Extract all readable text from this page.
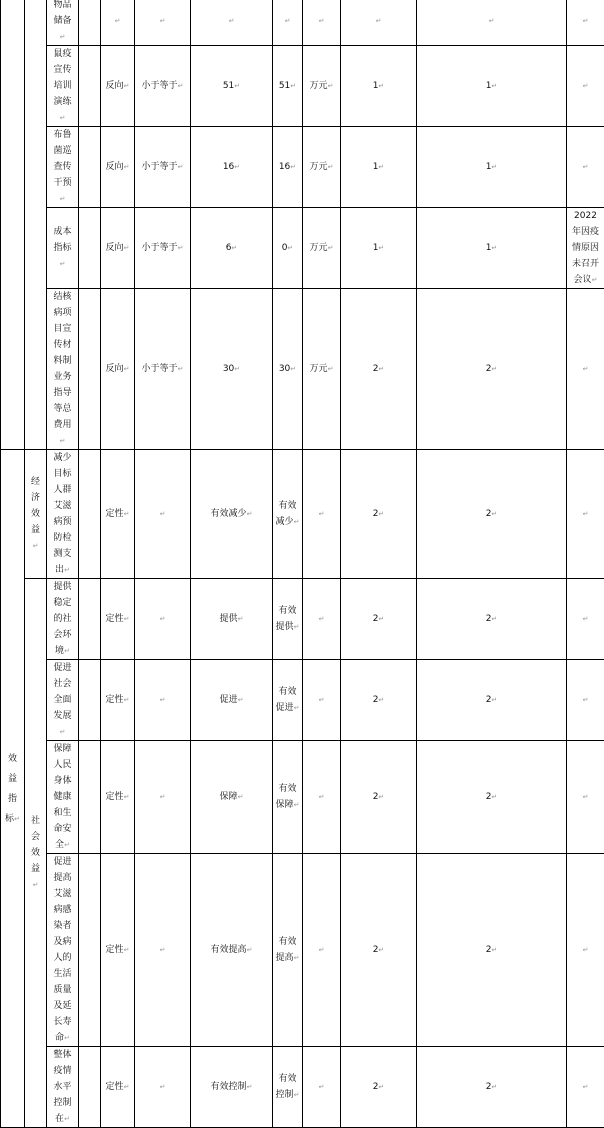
		物品储备↵		↵	↵	↵	↵	↵	↵	↵	↵
		鼠疫宣传培训演练↵		反向↵	小于等于↵	51↵	51↵	万元↵	1↵	1↵	↵
		布鲁菌巡查传干预↵		反向↵	小于等于↵	16↵	16↵	万元↵	1↵	1↵	↵
		成本指标↵		反向↵	小于等于↵	6↵	0↵	万元↵	1↵	1↵	2022 年因疫情原因未召开会议↵
		结核病项目宣传材料制业务指导等总费用↵		反向↵	小于等于↵	30↵	30↵	万元↵	2↵	2↵	↵
效益指标↵	经济效益↵	减少目标人群艾滋病预防检测支出↵		定性↵	↵	有效减少↵	有效减少↵	↵	2↵	2↵	↵
	社会效益↵	提供稳定的社会环境↵		定性↵	↵	提供↵	有效提供↵	↵	2↵	2↵	↵
		促进社会全面发展↵		定性↵	↵	促进↵	有效促进↵	↵	2↵	2↵	↵
		保障人民身体健康和生命安全↵		定性↵	↵	保障↵	有效保障↵	↵	2↵	2↵	↵
		促进提高艾滋病感染者及病人的生活质量及延长寿命↵		定性↵	↵	有效提高↵	有效提高↵	↵	2↵	2↵	↵
		整体疫情水平控制在↵		定性↵	↵	有效控制↵	有效控制↵	↵	2↵	2↵	↵
